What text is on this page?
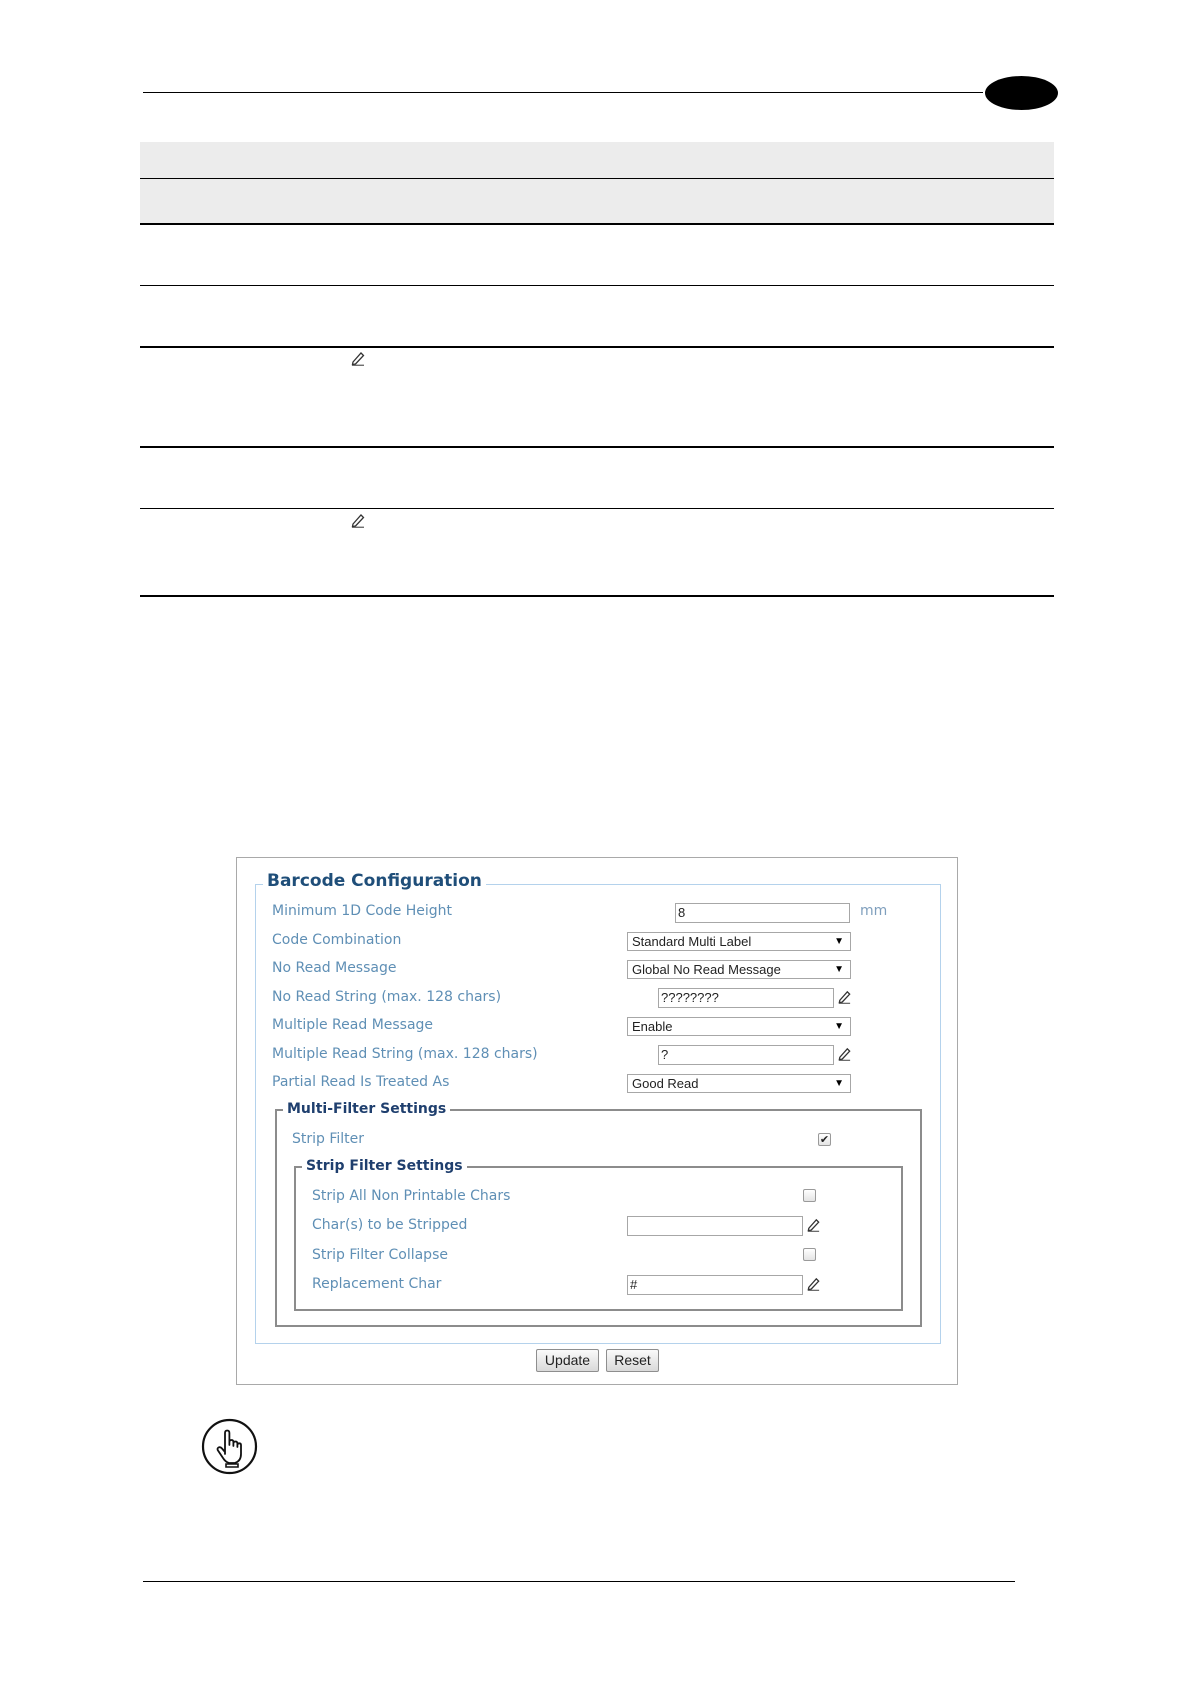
Barcode Configuration
Minimum 1D Code Height	8	mm
Code Combination	Standard Multi Label	▼
No Read Message	Global No Read Message	▼
No Read String (max. 128 chars)	????????
Multiple Read Message	Enable	▼
Multiple Read String (max. 128 chars)	?
Partial Read Is Treated As	Good Read	▼
Multi-Filter Settings
Strip Filter	✔
Strip Filter Settings
Strip All Non Printable Chars
Char(s) to be Stripped
Strip Filter Collapse
Replacement Char	#
Update	Reset
